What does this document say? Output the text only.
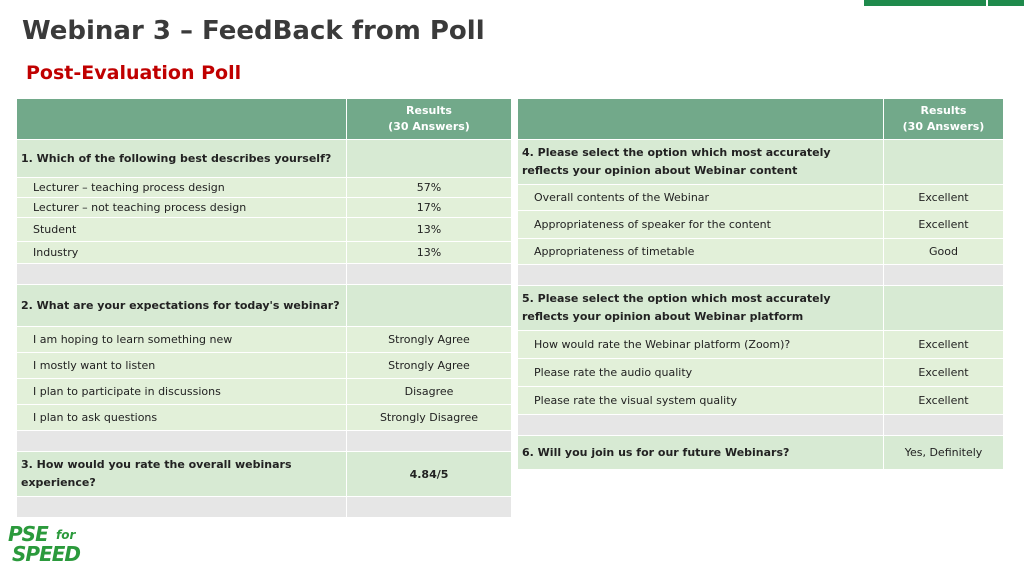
Webinar 3 – FeedBack from Poll
Post-Evaluation Poll

	Results
(30 Answers)

1. Which of the following best describes yourself?	
Lecturer – teaching process design	57%
Lecturer – not teaching process design	17%
Student	13%
Industry	13%

2. What are your expectations for today's webinar?	
I am hoping to learn something new	Strongly Agree
I mostly want to listen	Strongly Agree
I plan to participate in discussions	Disagree
I plan to ask questions	Strongly Disagree

3. How would you rate the overall webinars experience?	4.84/5

	Results
(30 Answers)

4. Please select the option which most accurately reflects your opinion about Webinar content	
Overall contents of the Webinar	Excellent
Appropriateness of speaker for the content	Excellent
Appropriateness of timetable	Good

5. Please select the option which most accurately reflects your opinion about Webinar platform	
How would rate the Webinar platform (Zoom)?	Excellent
Please rate the audio quality	Excellent
Please rate the visual system quality	Excellent

6. Will you join us for our future Webinars?	Yes, Definitely
PSE for
SPEED
